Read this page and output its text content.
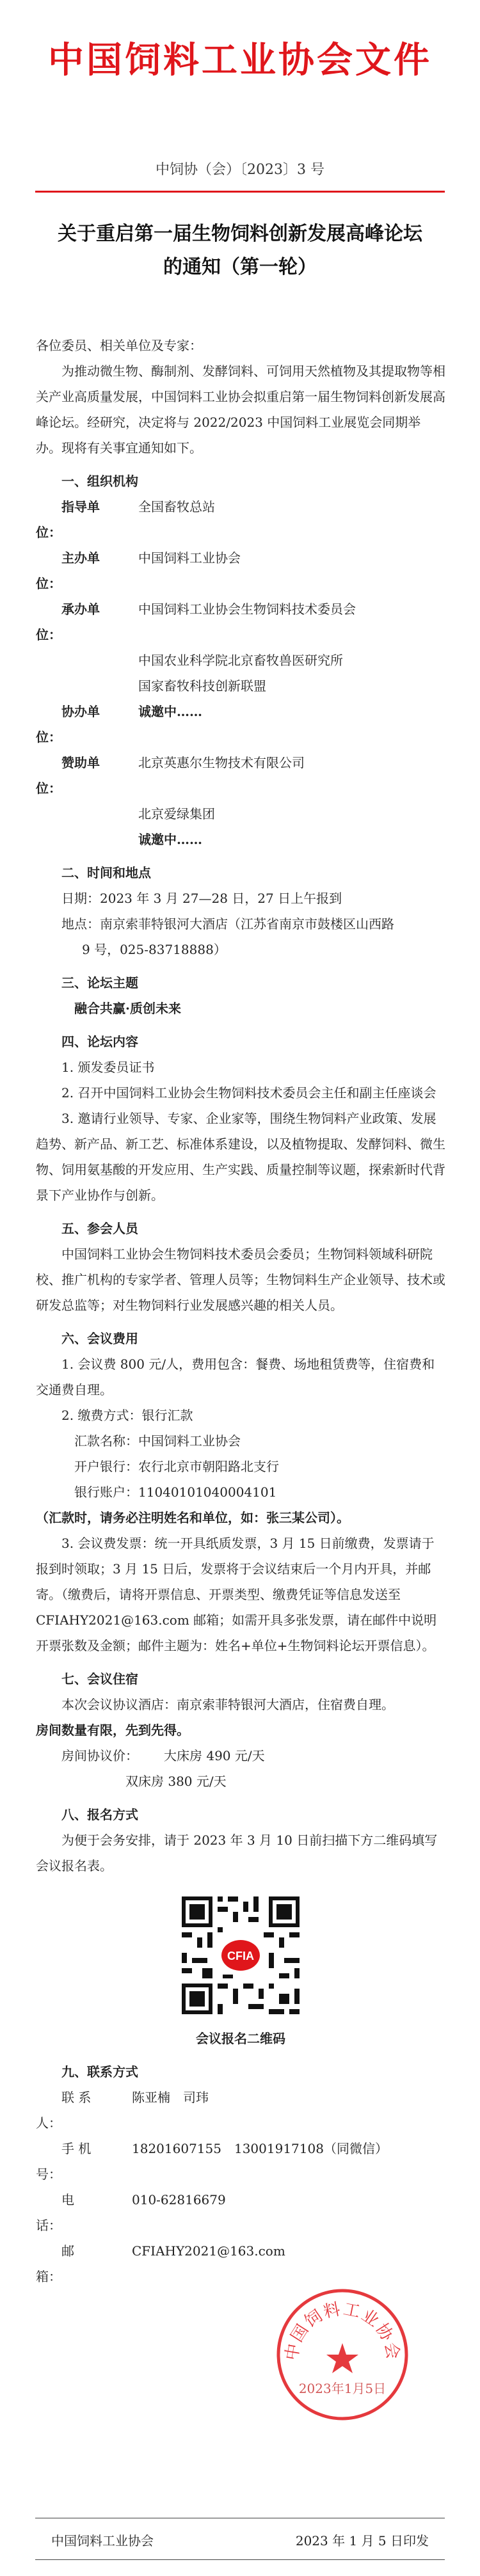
中国饲料工业协会文件
中饲协（会）〔2023〕3 号
关于重启第一届生物饲料创新发展高峰论坛
的通知（第一轮）

各位委员、相关单位及专家：

为推动微生物、酶制剂、发酵饲料、可饲用天然植物及其提取物等相关产业高质量发展，中国饲料工业协会拟重启第一届生物饲料创新发展高峰论坛。经研究，决定将与 2022/2023 中国饲料工业展览会同期举办。现将有关事宜通知如下。

一、组织机构

指导单位：
全国畜牧总站
主办单位：
中国饲料工业协会
承办单位：
中国饲料工业协会生物饲料技术委员会
中国农业科学院北京畜牧兽医研究所
国家畜牧科技创新联盟
协办单位：
诚邀中……
赞助单位：
北京英惠尔生物技术有限公司
北京爱绿集团
诚邀中……

二、时间和地点

日期：2023 年 3 月 27—28 日，27 日上午报到

地点：南京索菲特银河大酒店（江苏省南京市鼓楼区山西路

9 号，025-83718888）

三、论坛主题

融合共赢·质创未来

四、论坛内容

1. 颁发委员证书

2. 召开中国饲料工业协会生物饲料技术委员会主任和副主任座谈会

3. 邀请行业领导、专家、企业家等，围绕生物饲料产业政策、发展趋势、新产品、新工艺、标准体系建设，以及植物提取、发酵饲料、微生物、饲用氨基酸的开发应用、生产实践、质量控制等议题，探索新时代背景下产业协作与创新。

五、参会人员

中国饲料工业协会生物饲料技术委员会委员；生物饲料领域科研院校、推广机构的专家学者、管理人员等；生物饲料生产企业领导、技术或研发总监等；对生物饲料行业发展感兴趣的相关人员。

六、会议费用

1. 会议费 800 元/人，费用包含：餐费、场地租赁费等，住宿费和交通费自理。

2. 缴费方式：银行汇款

汇款名称：中国饲料工业协会

开户银行：农行北京市朝阳路北支行

银行账户：11040101040004101

（汇款时，请务必注明姓名和单位，如：张三某公司）。

3. 会议费发票：统一开具纸质发票，3 月 15 日前缴费，发票请于报到时领取；3 月 15 日后，发票将于会议结束后一个月内开具，并邮寄。（缴费后，请将开票信息、开票类型、缴费凭证等信息发送至 CFIAHY2021@163.com 邮箱；如需开具多张发票，请在邮件中说明开票张数及金额；邮件主题为：姓名+单位+生物饲料论坛开票信息）。

七、会议住宿

本次会议协议酒店：南京索菲特银河大酒店，住宿费自理。

房间数量有限，先到先得。

房间协议价：	大床房 490 元/天

双床房 380 元/天

八、报名方式

为便于会务安排，请于 2023 年 3 月 10 日前扫描下方二维码填写会议报名表。

CFIA
会议报名二维码

九、联系方式

联 系 人：
陈亚楠　司玮
手 机 号：
18201607155　13001917108（同微信）
电　　话：
010-62816679
邮　　箱：
CFIAHY2021@163.com
中国饲料工业协会
2023年1月5日
中国饲料工业协会	2023 年 1 月 5 日印发
